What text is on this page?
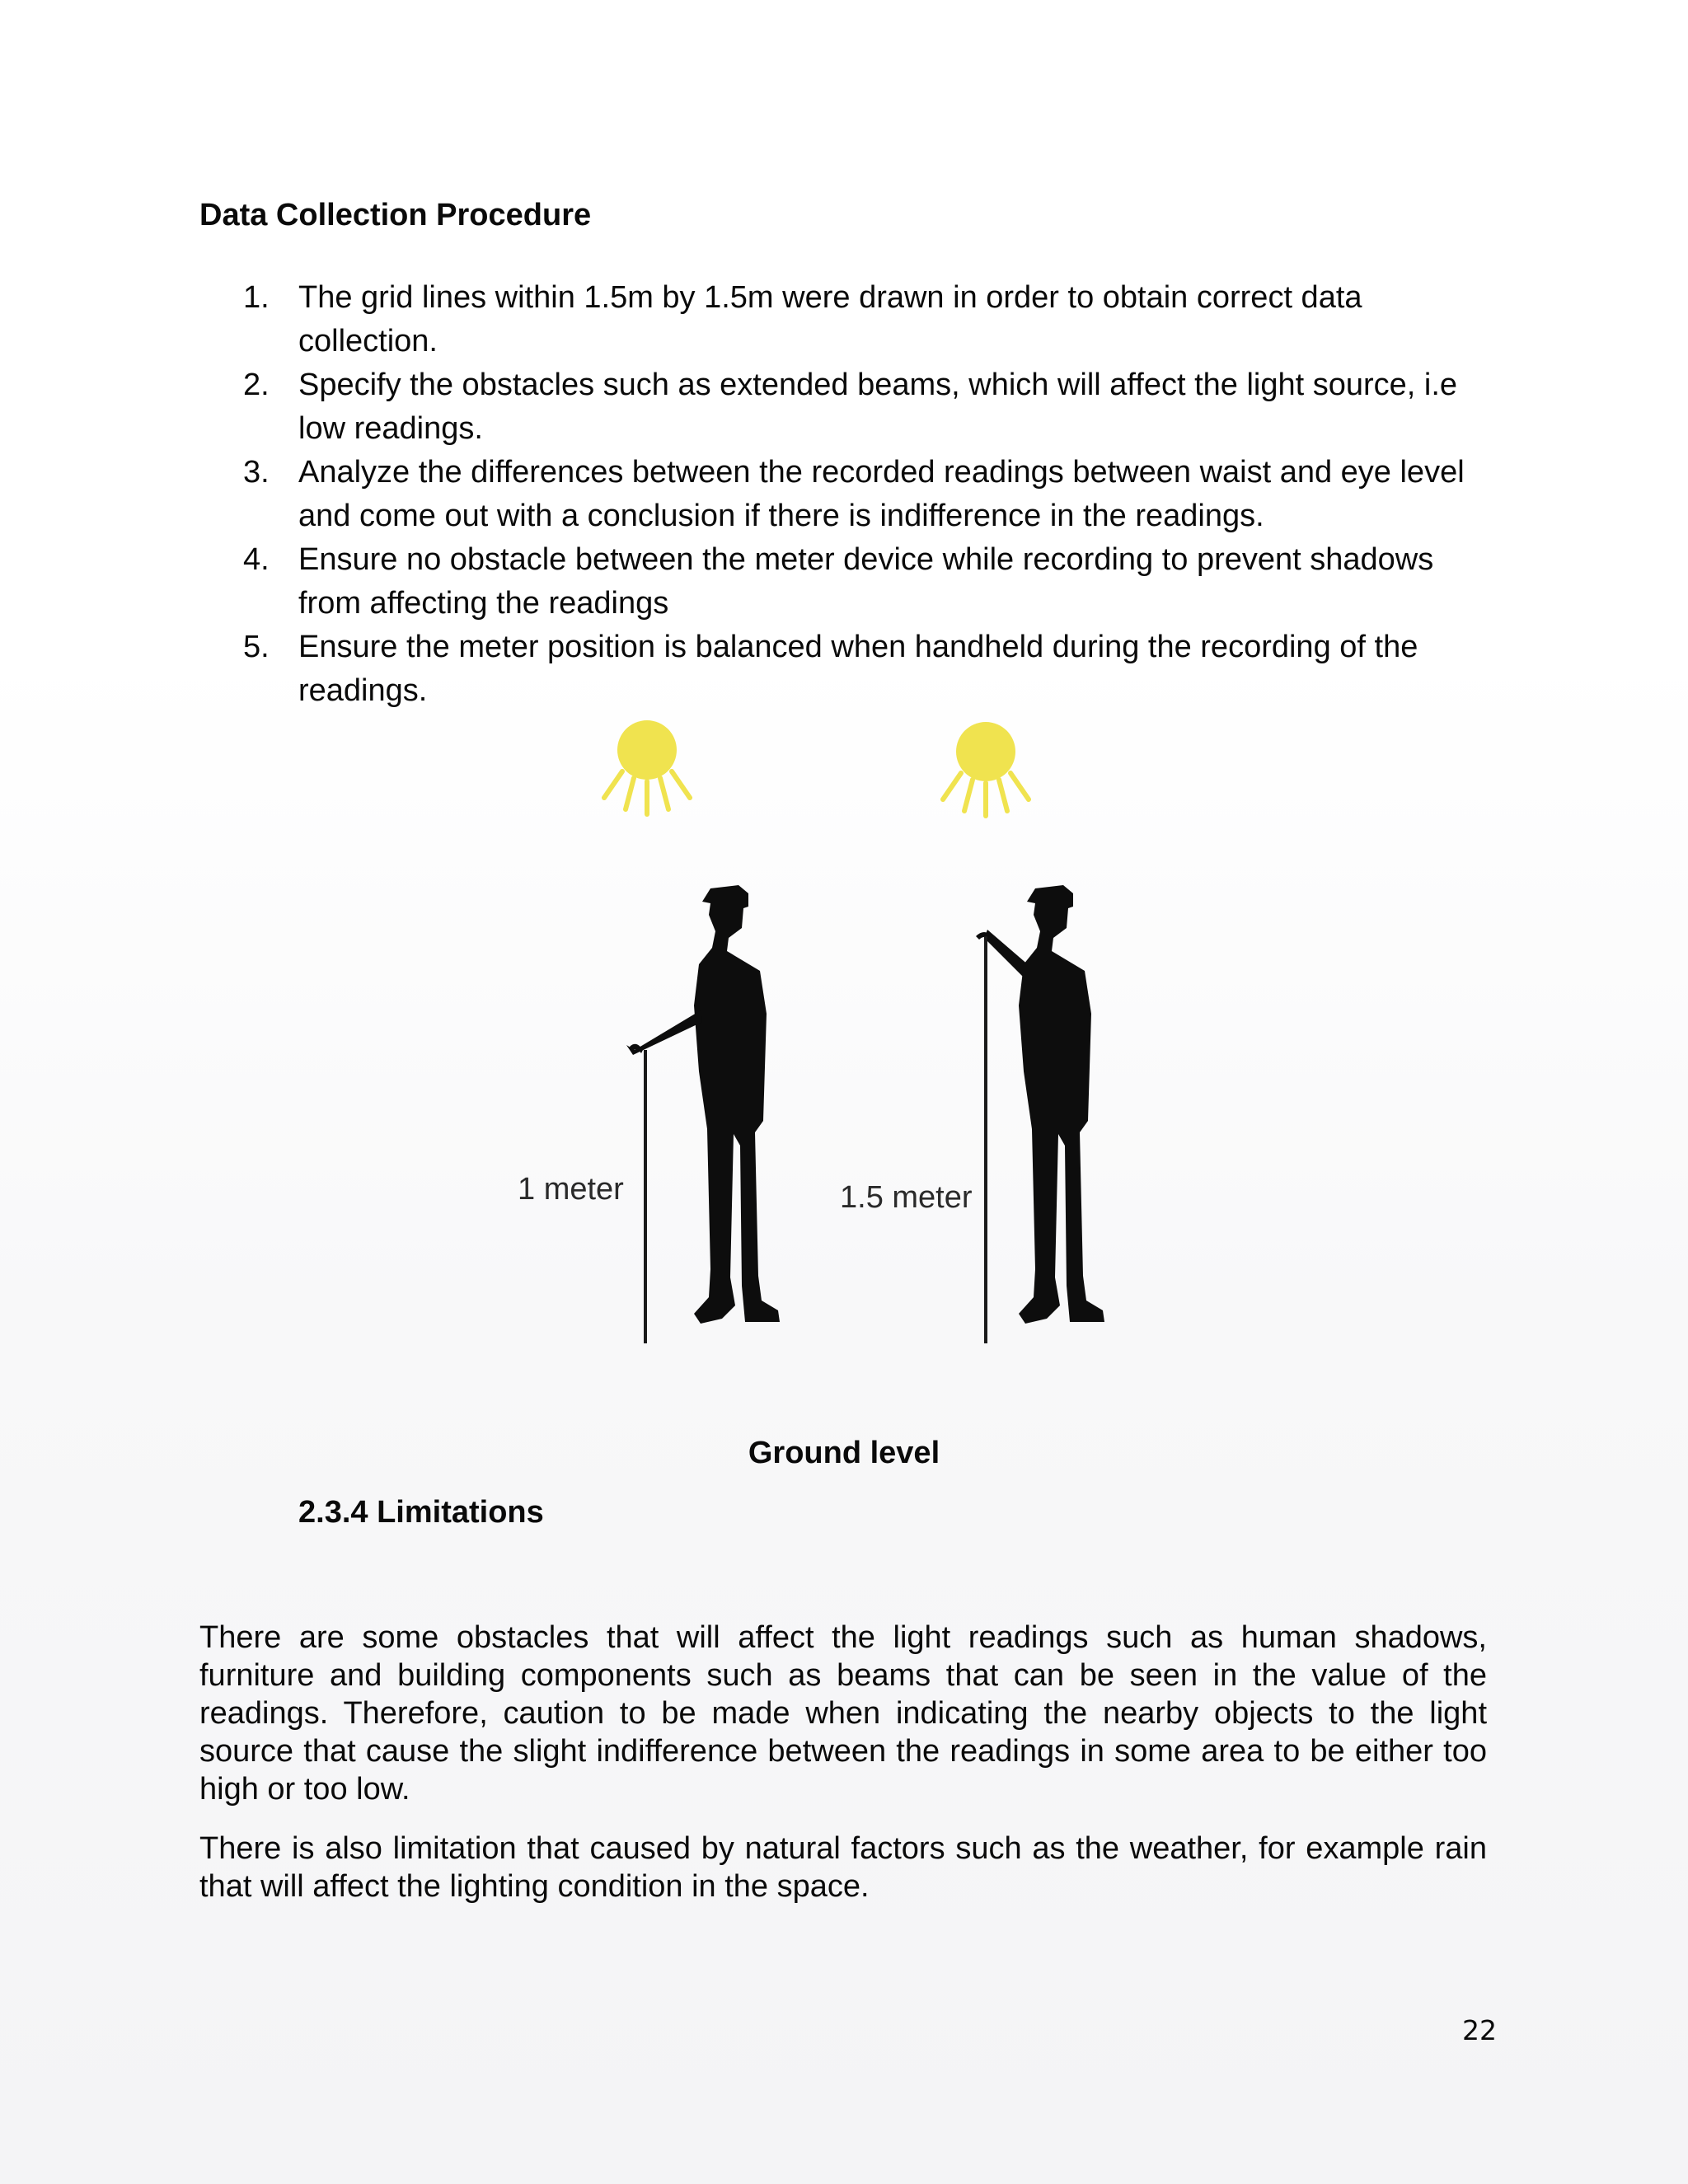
Data Collection Procedure
1. The grid lines within 1.5m by 1.5m were drawn in order to obtain correct data collection.
2. Specify the obstacles such as extended beams, which will affect the light source, i.e low readings.
3. Analyze the differences between the recorded readings between waist and eye level and come out with a conclusion if there is indifference in the readings.
4. Ensure no obstacle between the meter device while recording to prevent shadows from affecting the readings
5. Ensure the meter position is balanced when handheld during the recording of the readings.
1 meter	1.5 meter
Ground level
2.3.4 Limitations

There are some obstacles that will affect the light readings such as human shadows, furniture and building components such as beams that can be seen in the value of the readings. Therefore, caution to be made when indicating the nearby objects to the light source that cause the slight indifference between the readings in some area to be either too high or too low.

There is also limitation that caused by natural factors such as the weather, for example rain that will affect the lighting condition in the space.

22
